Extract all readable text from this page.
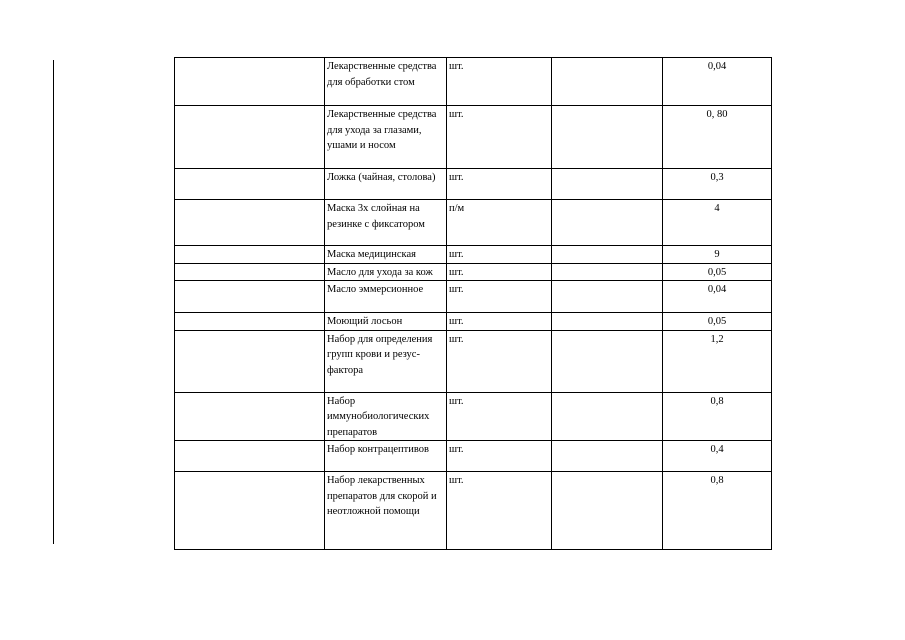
	Лекарственные средства для обработки стом	шт.		0,04
	Лекарственные средства для ухода за глазами, ушами и носом	шт.		0, 80
	Ложка (чайная, столова)	шт.		0,3
	Маска 3х слойная на резинке с фиксатором	п/м		4
	Маска медицинская	шт.		9
	Масло для ухода за кож	шт.		0,05
	Масло эммерсионное	шт.		0,04
	Моющий лосьон	шт.		0,05
	Набор для определения групп крови и резус-фактора	шт.		1,2
	Набор иммунобиологических препаратов	шт.		0,8
	Набор контрацептивов	шт.		0,4
	Набор лекарственных препаратов для скорой и неотложной помощи	шт.		0,8
